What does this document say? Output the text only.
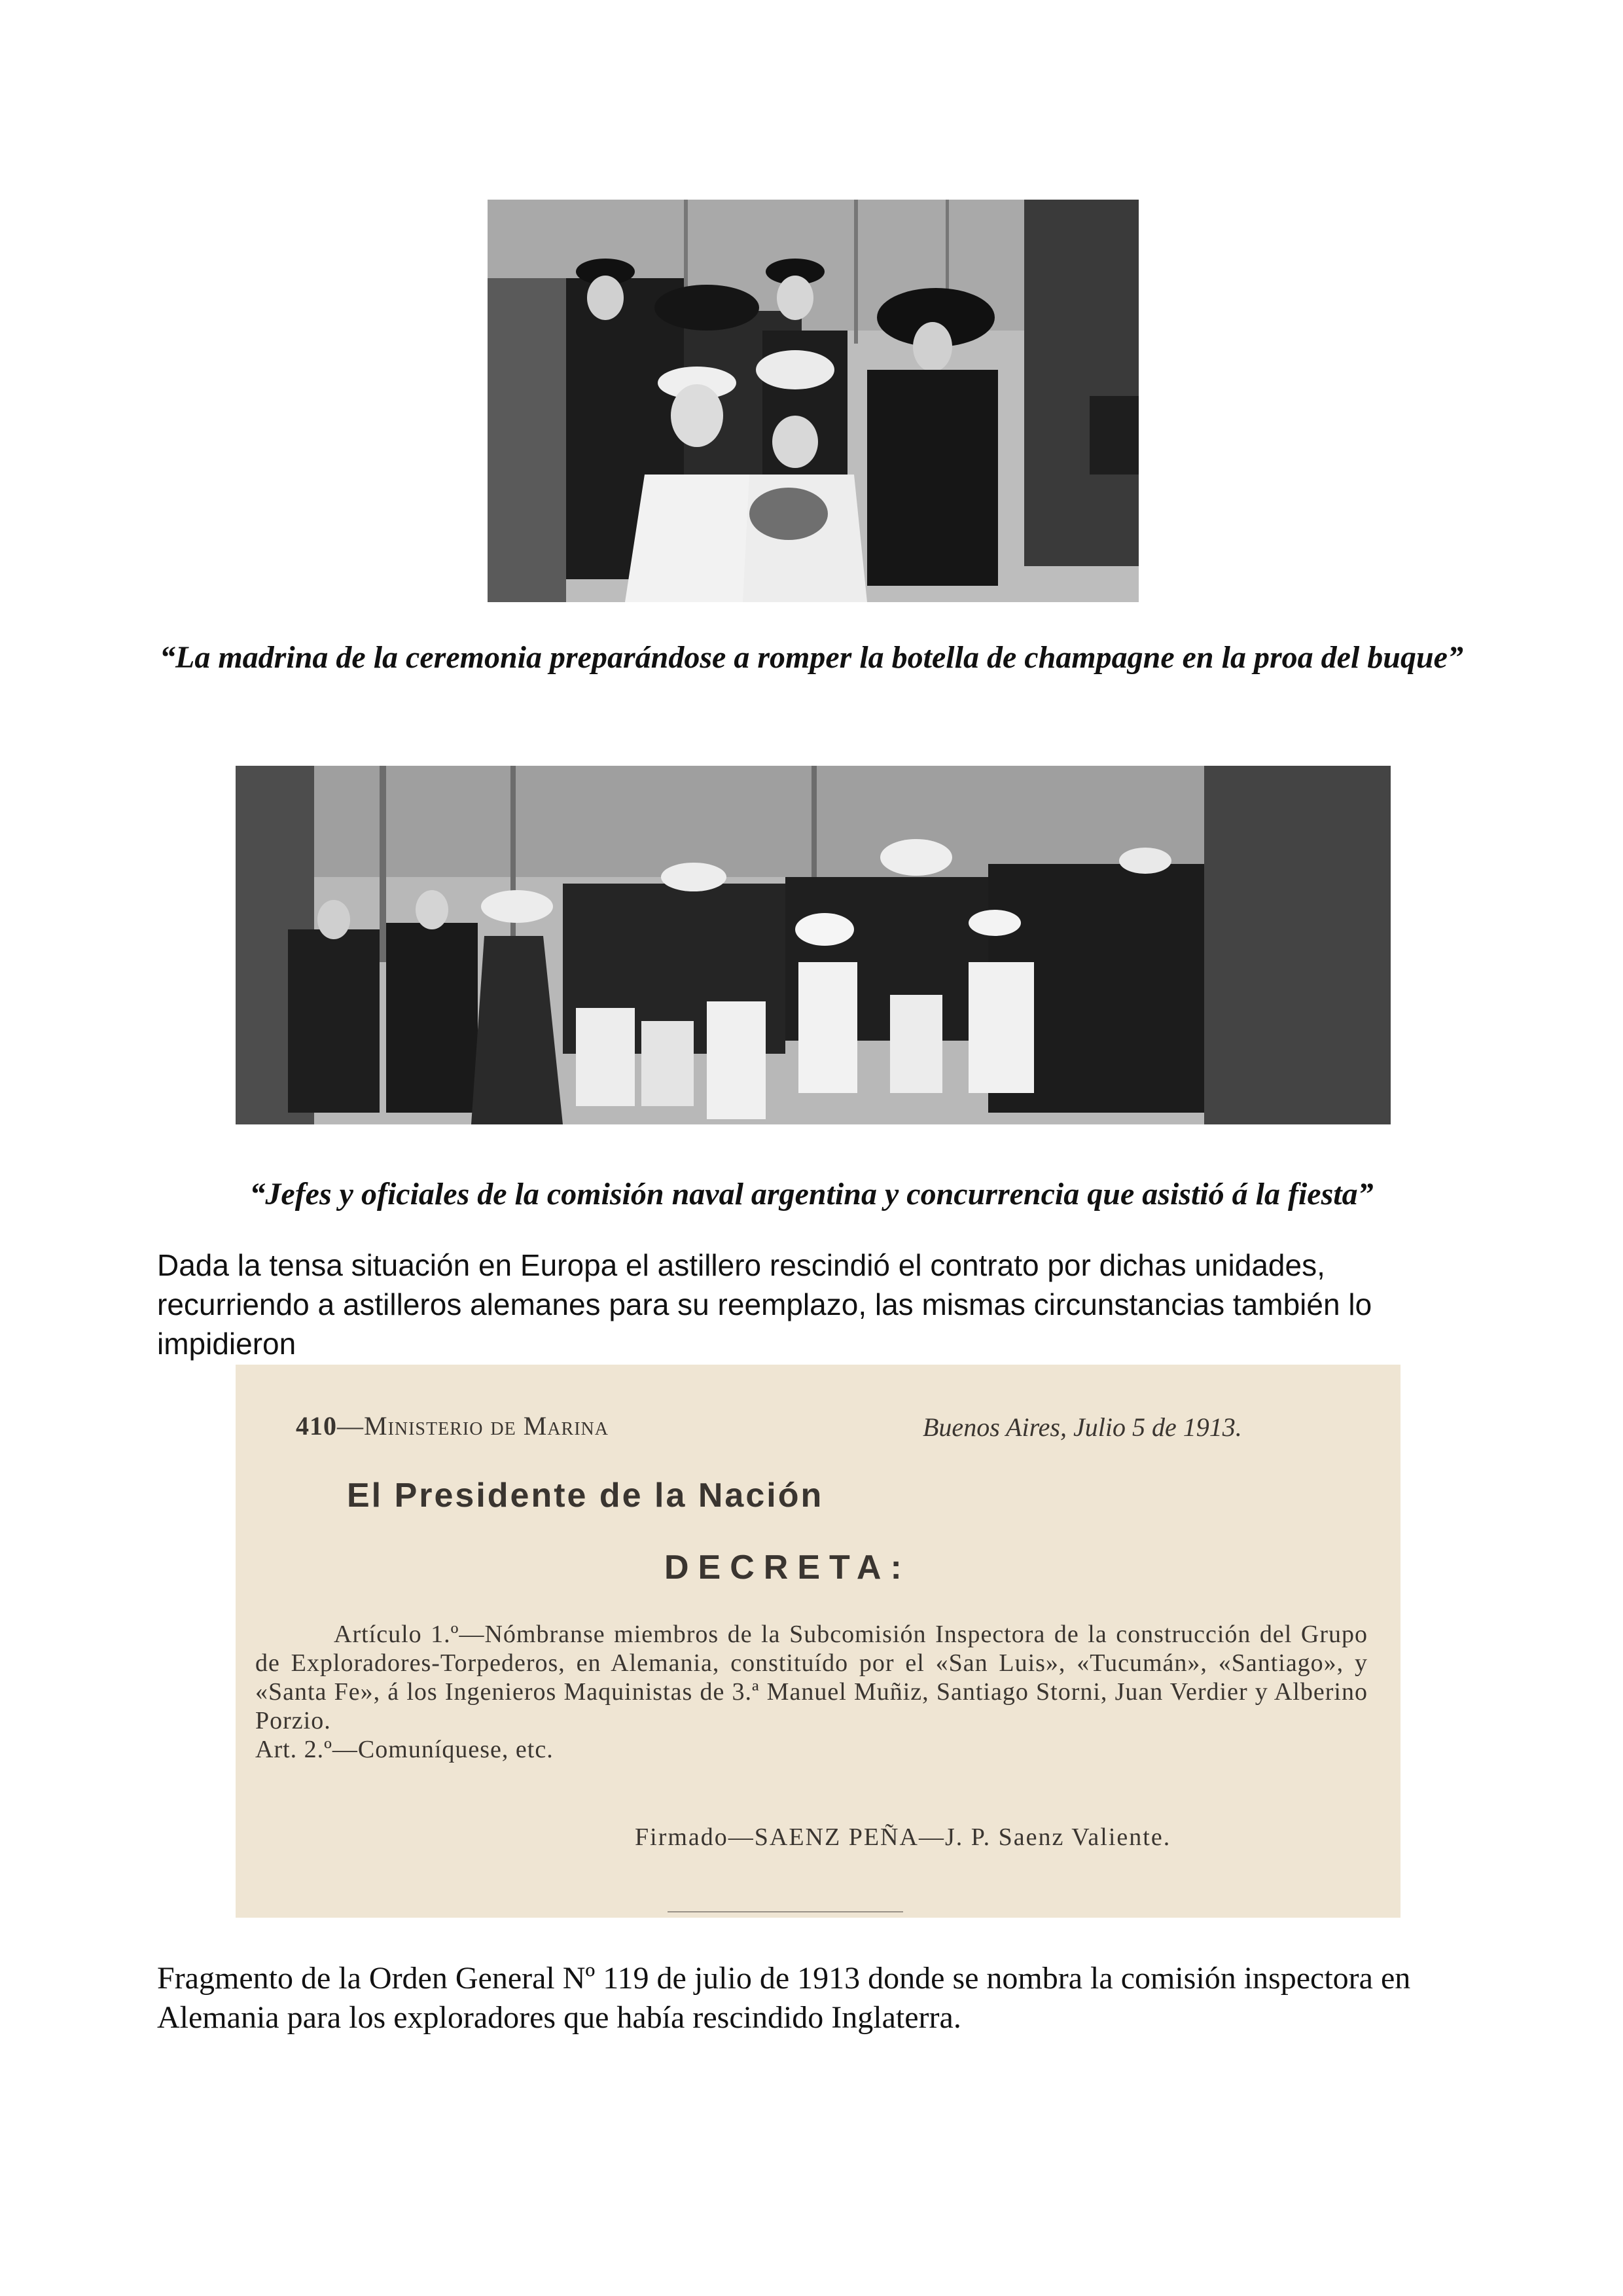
“La madrina de la ceremonia preparándose a romper la botella de champagne en la proa del buque”
“Jefes y oficiales de la comisión naval argentina y concurrencia que asistió á la fiesta”
Dada la tensa situación en Europa el astillero rescindió el contrato por dichas unidades, recurriendo a astilleros alemanes para su reemplazo, las mismas circunstancias también lo impidieron
410—Ministerio de Marina	Buenos Aires, Julio 5 de 1913.
El Presidente de la Nación
DECRETA:

Artículo 1.º—Nómbranse miembros de la Subcomisión Inspectora de la construcción del Grupo de Exploradores-Torpederos, en Alemania, constituído por el «San Luis», «Tucumán», «Santiago», y «Santa Fe», á los Ingenieros Maquinistas de 3.ª Manuel Muñiz, Santiago Storni, Juan Verdier y Alberino Porzio.

Art. 2.º—Comuníquese, etc.

Firmado—SAENZ PEÑA—J. P. Saenz Valiente.
Fragmento de la Orden General Nº 119 de julio de 1913 donde se nombra la comisión inspectora en Alemania para los exploradores que había rescindido Inglaterra.
